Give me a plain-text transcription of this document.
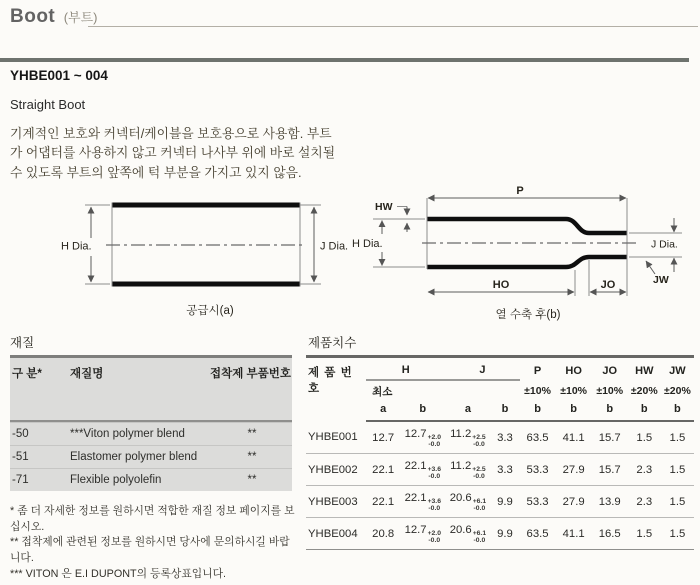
Boot (부트)
YHBE001 ~ 004
Straight Boot
기계적인 보호와 커넥터/케이블을 보호용으로 사용함. 부트
가 어댑터를 사용하지 않고 커넥터 나사부 위에 바로 설치될
수 있도록 부트의 앞쪽에 턱 부분을 가지고 있지 않음.
H Dia.	J Dia.
공급시(a)
P
HW
H Dia.	J Dia.
JW
HO	JO
열 수축 후(b)
재질
구 분*	재질명	접착제 부품번호
-50	***Viton polymer blend	**
-51	Elastomer polymer blend	**
-71	Flexible polyolefin	**
* 좀 더 자세한 정보를 원하시면 적합한 재질 정보 페이지를 보십시오.
** 접착제에 관련된 정보를 원하시면 당사에 문의하시길 바랍니다.
*** VITON 은 E.I DUPONT의 등록상표입니다.
제품치수
제 품 번 호	H		J		P	HO	JO	HW	JW
	최소				±10%	±10%	±10%	±20%	±20%
	a	b	a	b	b	b	b	b	b
YHBE001	12.7	12.7 +2.0
-0.0	11.2 +2.5
-0.0	3.3	63.5	41.1	15.7	1.5	1.5
YHBE002	22.1	22.1 +3.6
-0.0	11.2 +2.5
-0.0	3.3	53.3	27.9	15.7	2.3	1.5
YHBE003	22.1	22.1 +3.6
-0.0	20.6 +6.1
-0.0	9.9	53.3	27.9	13.9	2.3	1.5
YHBE004	20.8	12.7 +2.0
-0.0	20.6 +6.1
-0.0	9.9	63.5	41.1	16.5	1.5	1.5
